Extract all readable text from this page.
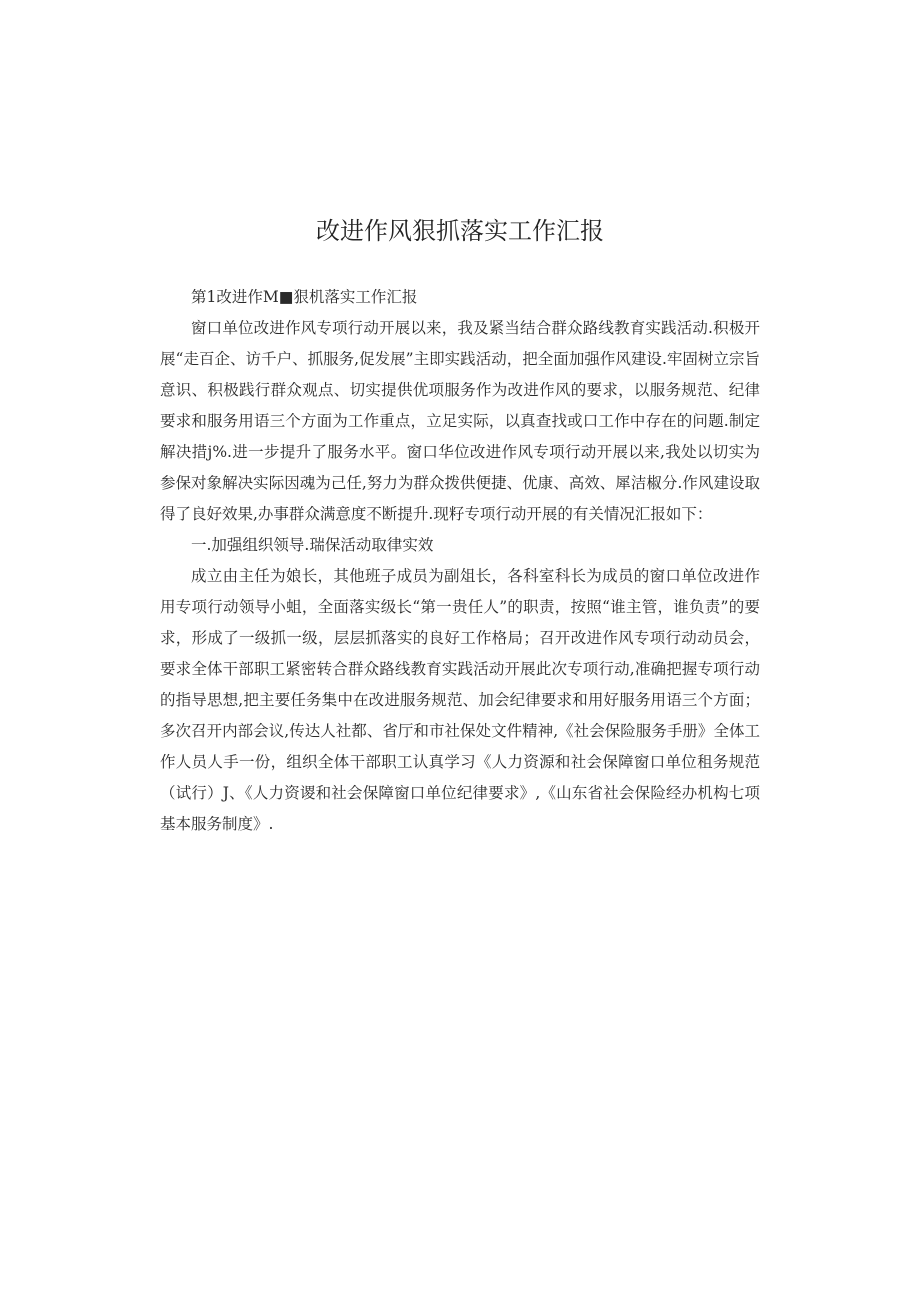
改进作风狠抓落实工作汇报

第1改进作M■狠机落实工作汇报

窗口单位改进作风专项行动开展以来，我及紧当结合群众路线教育实践活动.积极开展“走百企、访千户、抓服务,促发展”主即实践活动，把全面加强作风建设.牢固树立宗旨意识、积极践行群众观点、切实提供优项服务作为改进作风的要求，以服务规范、纪律要求和服务用语三个方面为工作重点，立足实际，以真查找或口工作中存在的问题.制定解决措j%.进一步提升了服务水平。窗口华位改进作风专项行动开展以来,我处以切实为参保对象解决实际因魂为己任,努力为群众拨供便捷、优康、高效、犀洁椒分.作风建设取得了良好效果,办事群众满意度不断提升.现籽专项行动开展的有关情况汇报如下：

一.加强组织领导.瑞保活动取律实效

成立由主任为娘长，其他班子成员为副俎长，各科室科长为成员的窗口单位改进作用专项行动领导小蛆，全面落实级长“第一贵任人”的职责，按照“谁主管，谁负责”的要求，形成了一级抓一级，层层抓落实的良好工作格局；召开改进作风专项行动动员会，要求全体干部职工紧密转合群众路线教育实践活动开展此次专项行动,准确把握专项行动的指导思想,把主要任务集中在改进服务规范、加会纪律要求和用好服务用语三个方面；多次召开内部会议,传达人社都、省厅和市社保处文件精神,《社会保险服务手册》全体工作人员人手一份，组织全体干部职工认真学习《人力资源和社会保障窗口单位租务规范（试行）J、《人力资谡和社会保障窗口单位纪律要求》,《山东省社会保险经办机构七项基本服务制度》.
